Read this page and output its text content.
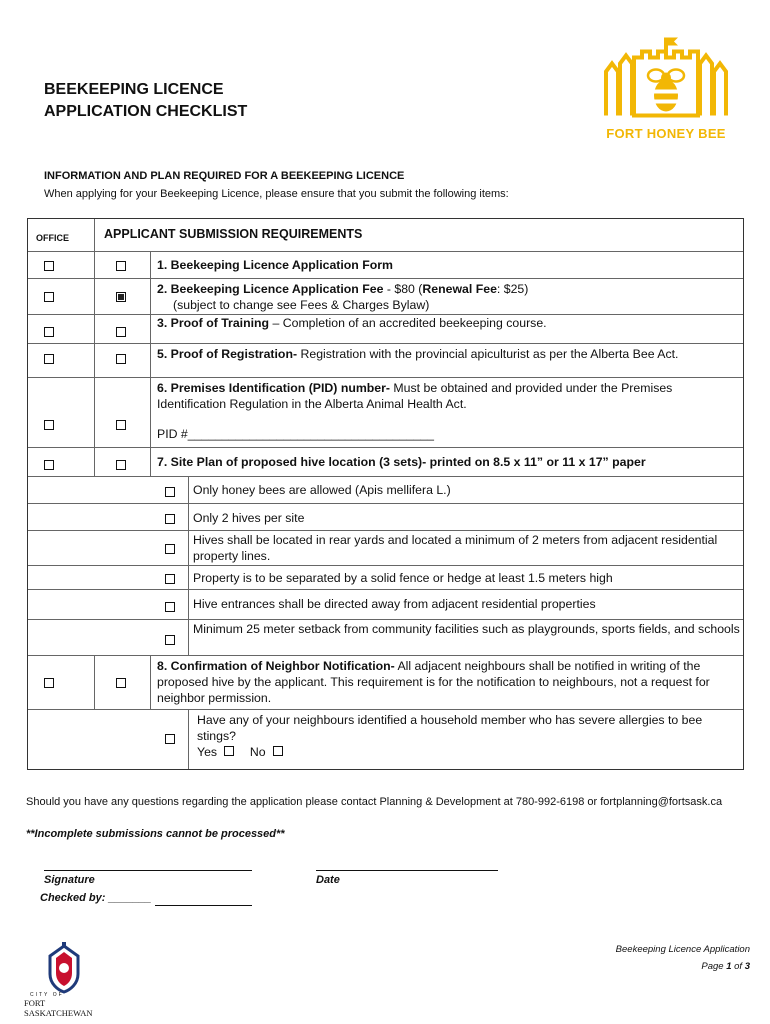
BEEKEEPING LICENCE
APPLICATION CHECKLIST
FORT HONEY BEE
INFORMATION AND PLAN REQUIRED FOR A BEEKEEPING LICENCE
When applying for your Beekeeping Licence, please ensure that you submit the following items:
OFFICE	APPLICANT SUBMISSION REQUIREMENTS
1. Beekeeping Licence Application Form
2. Beekeeping Licence Application Fee - $80 (Renewal Fee: $25)
(subject to change see Fees & Charges Bylaw)
3. Proof of Training – Completion of an accredited beekeeping course.
5. Proof of Registration- Registration with the provincial apiculturist as per the Alberta Bee Act.
6. Premises Identification (PID) number- Must be obtained and provided under the Premises Identification Regulation in the Alberta Animal Health Act.
PID #____________________________________
7. Site Plan of proposed hive location (3 sets)- printed on 8.5 x 11” or 11 x 17” paper
Only honey bees are allowed (Apis mellifera L.)
Only 2 hives per site
Hives shall be located in rear yards and located a minimum of 2 meters from adjacent residential property lines.
Property is to be separated by a solid fence or hedge at least 1.5 meters high
Hive entrances shall be directed away from adjacent residential properties
Minimum 25 meter setback from community facilities such as playgrounds, sports fields, and schools
8. Confirmation of Neighbor Notification- All adjacent neighbours shall be notified in writing of the proposed hive by the applicant. This requirement is for the notification to neighbours, not a request for neighbor permission.
Have any of your neighbours identified a household member who has severe allergies to bee stings?
Yes	No
Should you have any questions regarding the application please contact Planning & Development at 780-992-6198 or fortplanning@fortsask.ca
**Incomplete submissions cannot be processed**
Signature	Date
Checked by: _______
CITY OF
FORT SASKATCHEWAN
Beekeeping Licence Application
Page 1 of 3
